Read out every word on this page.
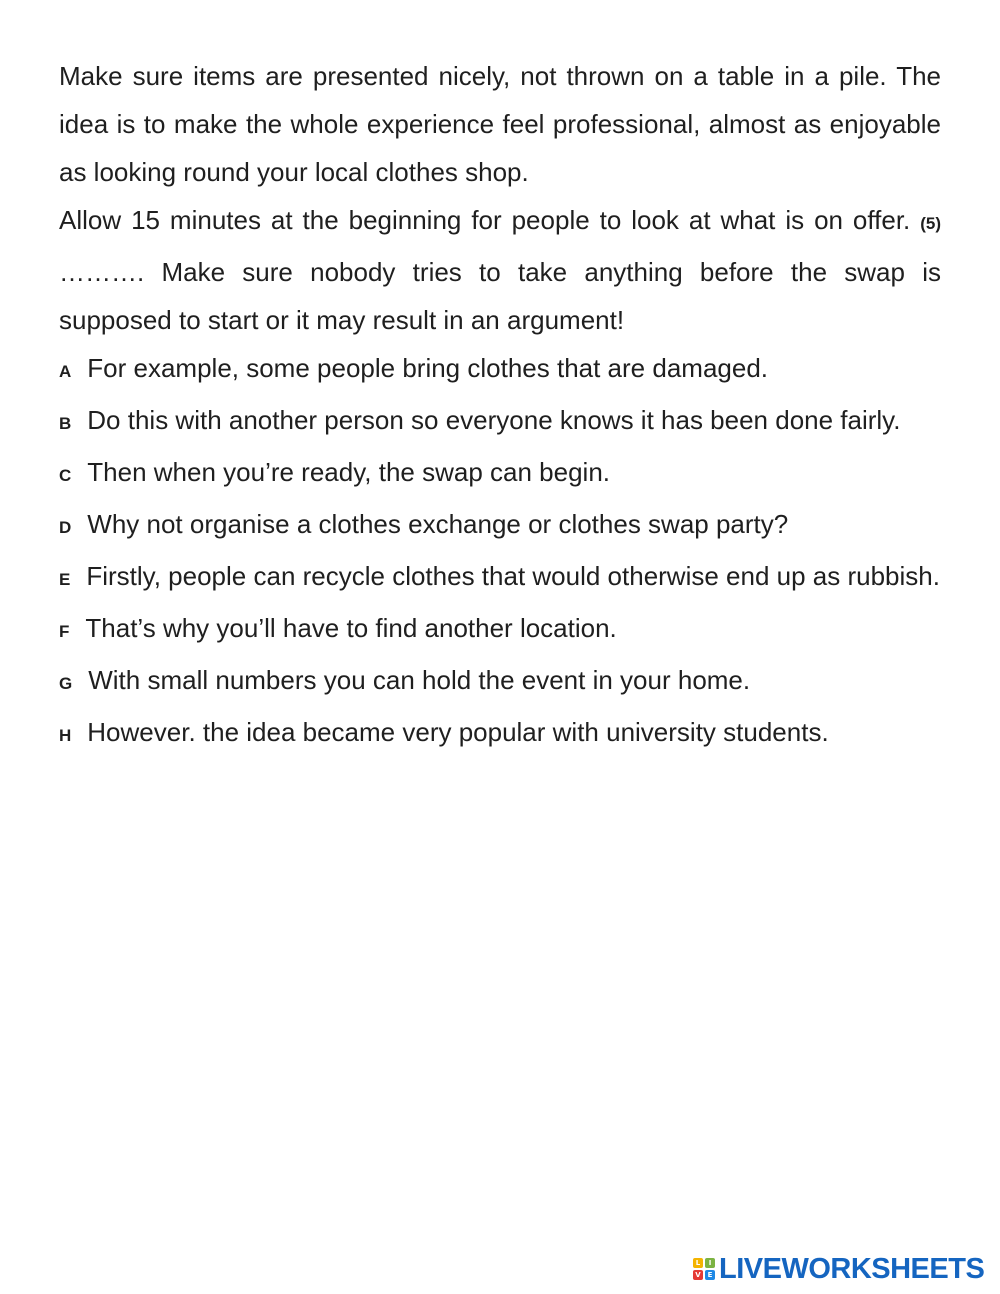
Make sure items are presented nicely, not thrown on a table in a pile. The idea is to make the whole experience feel professional, almost as enjoyable as looking round your local clothes shop.

Allow 15 minutes at the beginning for people to look at what is on offer. (5)………. Make sure nobody tries to take anything before the swap is supposed to start or it may result in an argument!

A For example, some people bring clothes that are damaged.

B Do this with another person so everyone knows it has been done fairly.

C Then when you’re ready, the swap can begin.

D Why not organise a clothes exchange or clothes swap party?

E Firstly, people can recycle clothes that would otherwise end up as rubbish.

F That’s why you’ll have to find another location.

G With small numbers you can hold the event in your home.

H However. the idea became very popular with university students.

L	I
V E LIVEWORKSHEETS
